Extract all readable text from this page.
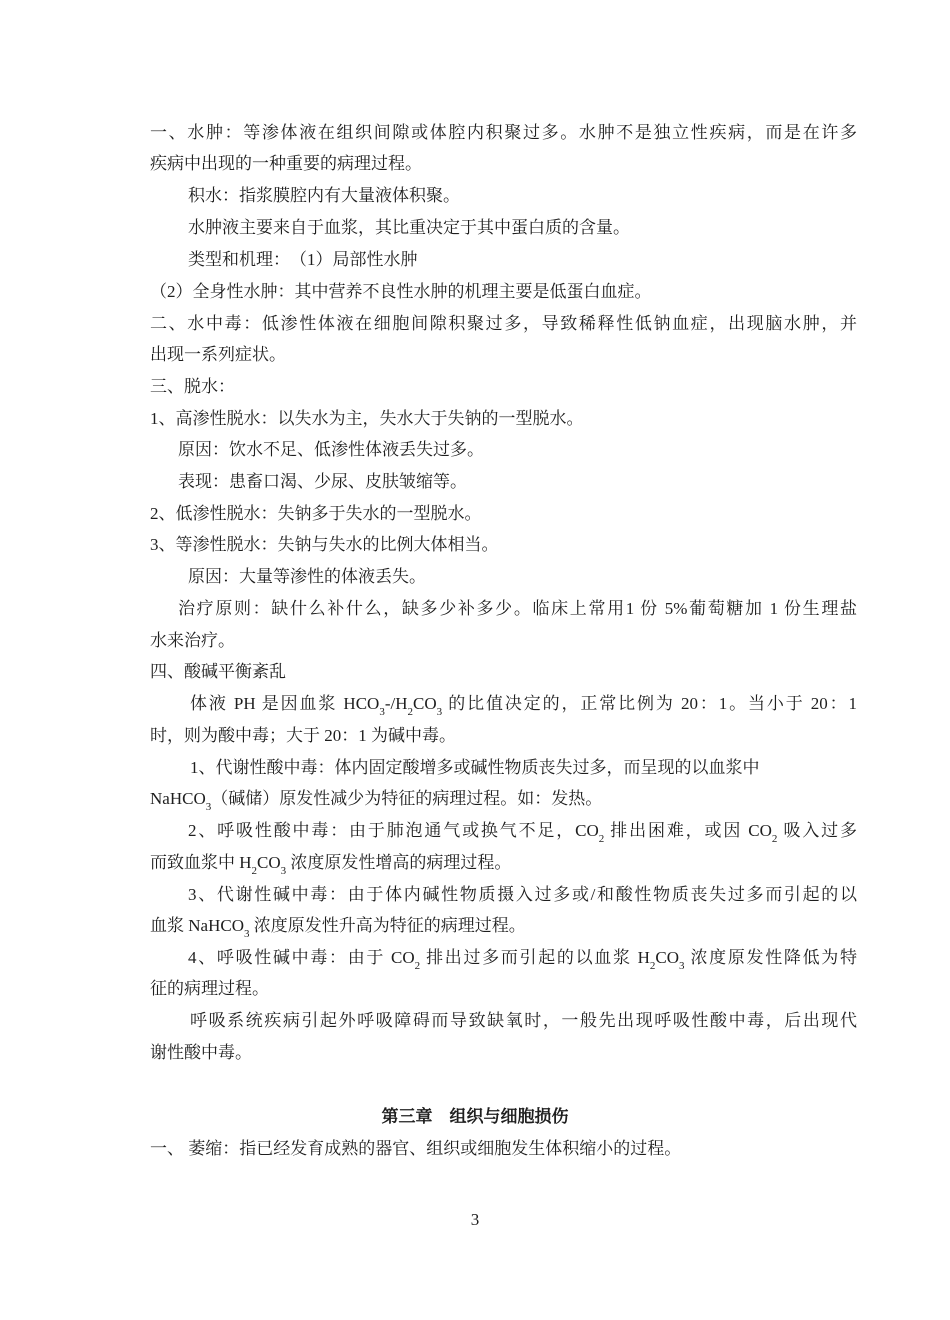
一、水肿：等渗体液在组织间隙或体腔内积聚过多。水肿不是独立性疾病，而是在许多
疾病中出现的一种重要的病理过程。
积水：指浆膜腔内有大量液体积聚。
水肿液主要来自于血浆，其比重决定于其中蛋白质的含量。
类型和机理：　（1）局部性水肿
（2）全身性水肿：其中营养不良性水肿的机理主要是低蛋白血症。
二、水中毒：低渗性体液在细胞间隙积聚过多，导致稀释性低钠血症，出现脑水肿，并
出现一系列症状。
三、脱水：
1、高渗性脱水：以失水为主，失水大于失钠的一型脱水。
原因：饮水不足、低渗性体液丢失过多。
表现：患畜口渴、少尿、皮肤皱缩等。
2、低渗性脱水：失钠多于失水的一型脱水。
3、等渗性脱水：失钠与失水的比例大体相当。
原因：大量等渗性的体液丢失。
治疗原则：缺什么补什么，缺多少补多少。临床上常用1 份 5%葡萄糖加 1 份生理盐
水来治疗。
四、酸碱平衡紊乱
体液 PH 是因血浆 $HCO_3-/H_2CO_3$ 的比值决定的，正常比例为 20：1。当小于 20：1
时，则为酸中毒；大于 20：1 为碱中毒。
1、代谢性酸中毒：体内固定酸增多或碱性物质丧失过多，而呈现的以血浆中
NaHCO$_3$（碱储）原发性减少为特征的病理过程。如：发热。
2、呼吸性酸中毒：由于肺泡通气或换气不足，$CO_2$ 排出困难，或因 $CO_2$ 吸入过多
而致血浆中 $H_2CO_3$ 浓度原发性增高的病理过程。
3、代谢性碱中毒：由于体内碱性物质摄入过多或/和酸性物质丧失过多而引起的以
血浆 NaHCO$_3$ 浓度原发性升高为特征的病理过程。
4、呼吸性碱中毒：由于 $CO_2$ 排出过多而引起的以血浆 $H_2CO_3$ 浓度原发性降低为特
征的病理过程。
呼吸系统疾病引起外呼吸障碍而导致缺氧时，一般先出现呼吸性酸中毒，后出现代
谢性酸中毒。
第三章　组织与细胞损伤
一、 萎缩：指已经发育成熟的器官、组织或细胞发生体积缩小的过程。
3
